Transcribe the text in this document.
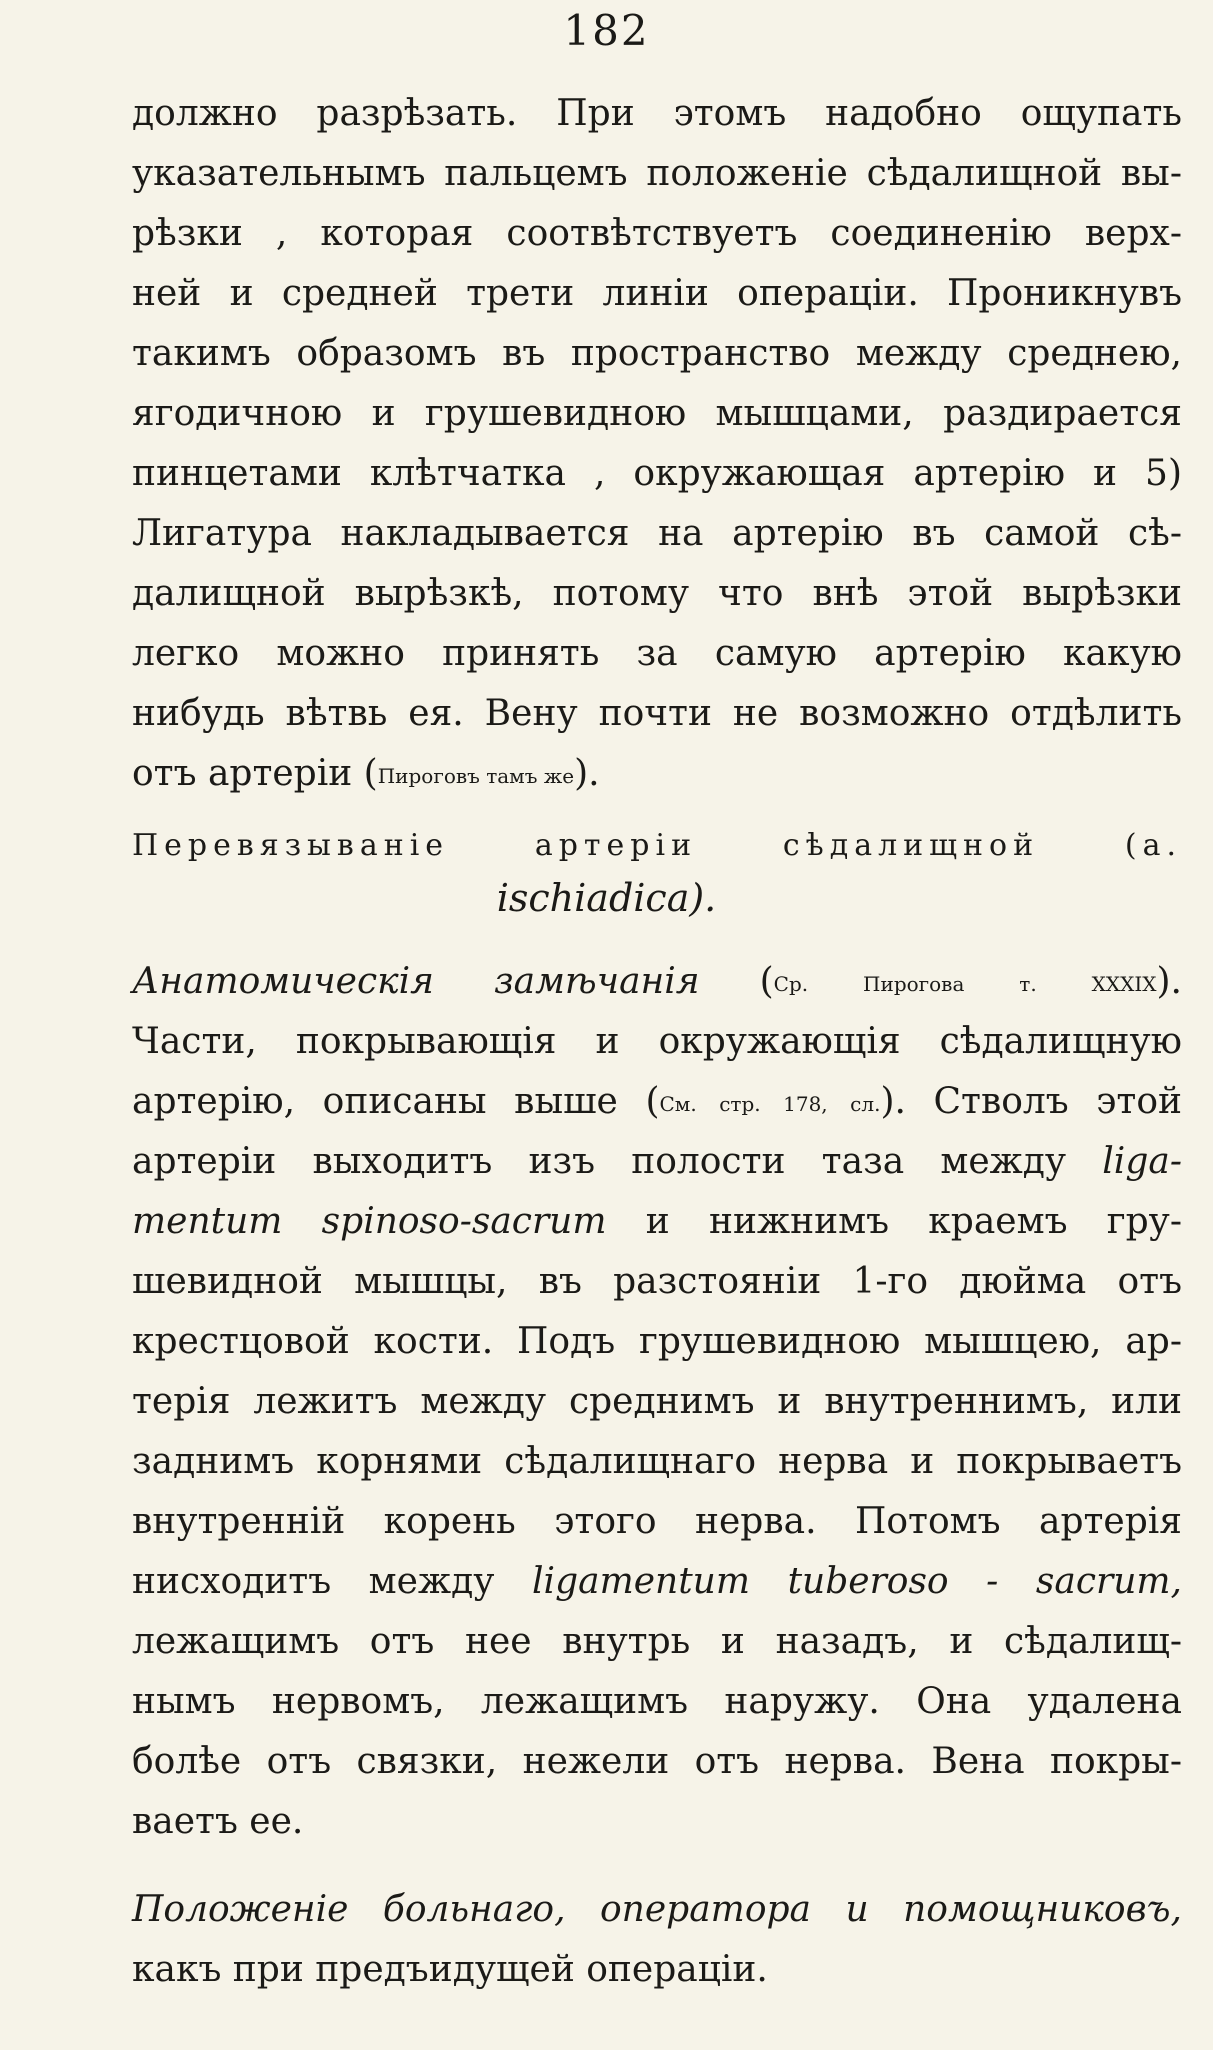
182
должно разрѣзать. При этомъ надобно ощупать
указательнымъ пальцемъ положеніе сѣдалищной вы-
рѣзки , которая соотвѣтствуетъ соединенію верх-
ней и средней трети линіи операціи. Проникнувъ
такимъ образомъ въ пространство между среднею,
ягодичною и грушевидною мышцами, раздирается
пинцетами клѣтчатка , окружающая артерію и 5)
Лигатура накладывается на артерію въ самой сѣ-
далищной вырѣзкѣ, потому что внѣ этой вырѣзки
легко можно принять за самую артерію какую
нибудь вѣтвь ея. Вену почти не возможно отдѣлить
отъ артеріи (Пироговъ тамъ же).
Перевязываніе артеріи сѣдалищной (a.
ischiadica).
Анатомическія замѣчанія (Ср. Пирогова т. XXXIX).
Части, покрывающія и окружающія сѣдалищную
артерію, описаны выше (См. стр. 178, сл.). Стволъ этой
артеріи выходитъ изъ полости таза между liga-
mentum spinoso-sacrum и нижнимъ краемъ гру-
шевидной мышцы, въ разстояніи 1-го дюйма отъ
крестцовой кости. Подъ грушевидною мышцею, ар-
терія лежитъ между среднимъ и внутреннимъ, или
заднимъ корнями сѣдалищнаго нерва и покрываетъ
внутренній корень этого нерва. Потомъ артерія
нисходитъ между ligamentum tuberoso - sacrum,
лежащимъ отъ нее внутрь и назадъ, и сѣдалищ-
нымъ нервомъ, лежащимъ наружу. Она удалена
болѣе отъ связки, нежели отъ нерва. Вена покры-
ваетъ ее.
Положеніе больнаго, оператора и помощниковъ,
какъ при предъидущей операціи.
